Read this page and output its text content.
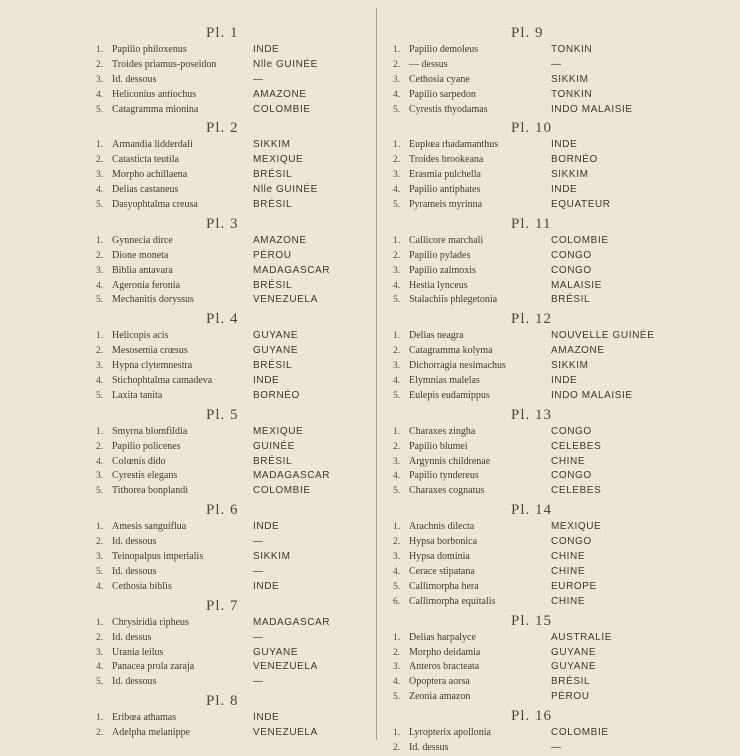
Pl. 1
1. Papilio philoxenus	INDE
2. Troides priamus-poseidon	Nlle GUINÉE
3. Id. dessous	—
4. Heliconius antiochus	AMAZONE
5. Catagramma mionina	COLOMBIE
Pl. 2
1. Armandia lidderdali	SIKKIM
2. Catasticta teutila	MEXIQUE
3. Morpho achillaena	BRÉSIL
4. Delias castaneus	Nlle GUINÉE
5. Dasyophtalma creusa	BRÉSIL
Pl. 3
1. Gynnecia dirce	AMAZONE
2. Dione moneta	PÉROU
3. Biblia antavara	MADAGASCAR
4. Ageronia feronia	BRÉSIL
5. Mechanitis doryssus	VENEZUELA
Pl. 4
1. Helicopis acis	GUYANE
2. Mesosemia crœsus	GUYANE
3. Hypna clytemnestra	BRÉSIL
4. Stichophtalma camadeva	INDE
5. Laxita tanita	BORNÉO
Pl. 5
1. Smyrna blomfildia	MEXIQUE
2. Papilio policenes	GUINÉE
4. Colœnis dido	BRÉSIL
3. Cyrestis elegans	MADAGASCAR
5. Tithorea bonplandi	COLOMBIE
Pl. 6
1. Amesis sanguiflua	INDE
2. Id. dessous	—
3. Teinopalpus imperialis	SIKKIM
5. Id. dessous	—
4. Cethosia biblis	INDE
Pl. 7
1. Chrysiridia ripheus	MADAGASCAR
2. Id. dessus	—
3. Urania leilus	GUYANE
4. Panacea prola zaraja	VENEZUELA
5. Id. dessous	—
Pl. 8
1. Eribœa athamas	INDE
2. Adelpha melanippe	VENEZUELA
Pl. 9
1. Papilio demoleus	TONKIN
2. — dessus	—
3. Cethosia cyane	SIKKIM
4. Papilio sarpedon	TONKIN
5. Cyrestis thyodamas	INDO MALAISIE
Pl. 10
1. Euplœa rhadamanthus	INDE
2. Troides brookeana	BORNÉO
3. Erasmia pulchella	SIKKIM
4. Papilio antiphates	INDE
5. Pyrameis myrinna	EQUATEUR
Pl. 11
1. Callicore marchali	COLOMBIE
2. Papilio pylades	CONGO
3. Papilio zalmoxis	CONGO
4. Hestia lynceus	MALAISIE
5. Stalachiis phlegetonia	BRÉSIL
Pl. 12
1. Delias neagra	NOUVELLE GUINÉE
2. Catagramma kolyma	AMAZONE
3. Dichorragia nesimachus	SIKKIM
4. Elymnias malelas	INDE
5. Eulepis eudamippus	INDO MALAISIE
Pl. 13
1. Charaxes zingha	CONGO
2. Papilio blumei	CELEBES
3. Argynnis childrenae	CHINE
4. Papilio tyndereus	CONGO
5. Charaxes cognatus	CELEBES
Pl. 14
1. Arachnis dilecta	MEXIQUE
2. Hypsa borbonica	CONGO
3. Hypsa dominia	CHINE
4. Cerace stipatana	CHINE
5. Callimorpha hera	EUROPE
6. Callimorpha equitalis	CHINE
Pl. 15
1. Delias harpalyce	AUSTRALIE
2. Morpho deidamia	GUYANE
3. Anteros bracteata	GUYANE
4. Opoptera aorsa	BRÉSIL
5. Zeonia amazon	PÉROU
Pl. 16
1. Lyropterix apollonia	COLOMBIE
2. Id. dessus	—
